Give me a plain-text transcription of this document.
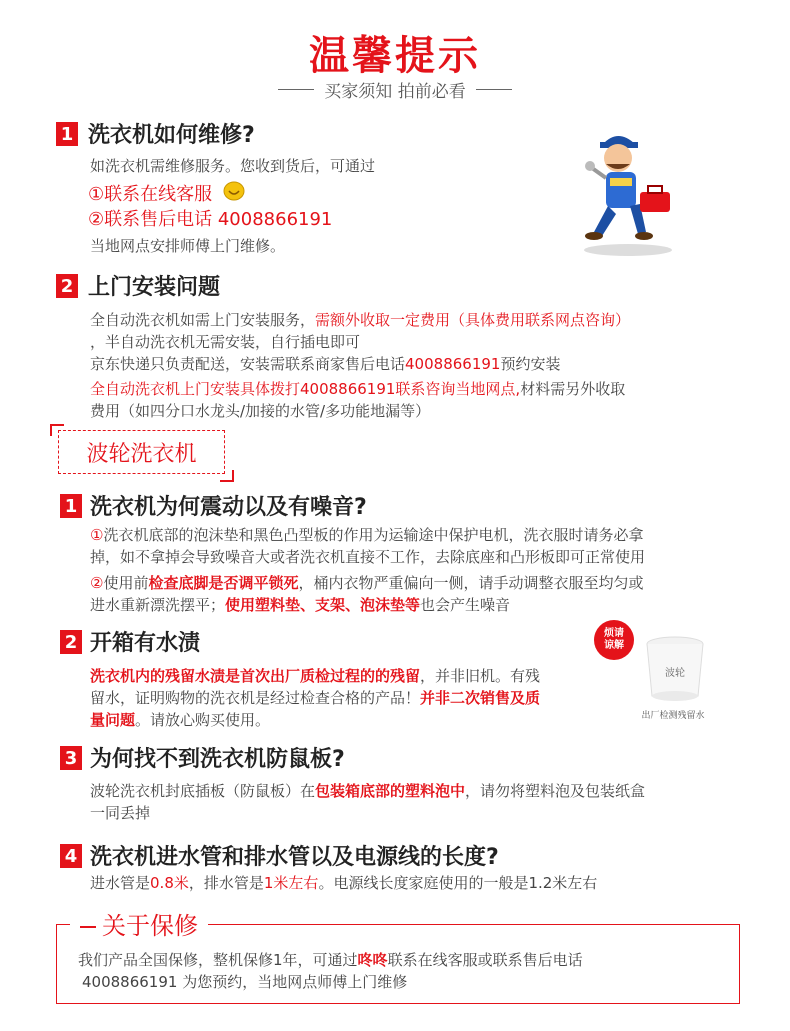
温馨提示
买家须知 拍前必看
1 洗衣机如何维修?
如洗衣机需维修服务。您收到货后，可通过
①联系在线客服
②联系售后电话 4008866191
当地网点安排师傅上门维修。
2 上门安装问题
全自动洗衣机如需上门安装服务，需额外收取一定费用（具体费用联系网点咨询）
，半自动洗衣机无需安装，自行插电即可
京东快递只负责配送，安装需联系商家售后电话4008866191预约安装
全自动洗衣机上门安装具体拨打4008866191联系咨询当地网点,材料需另外收取
费用（如四分口水龙头/加接的水管/多功能地漏等）
波轮洗衣机
1 洗衣机为何震动以及有噪音?
①洗衣机底部的泡沫垫和黑色凸型板的作用为运输途中保护电机，洗衣服时请务必拿
掉，如不拿掉会导致噪音大或者洗衣机直接不工作，去除底座和凸形板即可正常使用
②使用前检查底脚是否调平锁死，桶内衣物严重偏向一侧，请手动调整衣服至均匀或
进水重新漂洗摆平；使用塑料垫、支架、泡沫垫等也会产生噪音
2 开箱有水渍
洗衣机内的残留水渍是首次出厂质检过程的的残留，并非旧机。有残
留水，证明购物的洗衣机是经过检查合格的产品！并非二次销售及质
量问题。请放心购买使用。
烦请谅解
波轮
出厂检测残留水
3 为何找不到洗衣机防鼠板?
波轮洗衣机封底插板（防鼠板）在包装箱底部的塑料泡中，请勿将塑料泡及包装纸盒
一同丢掉
4 洗衣机进水管和排水管以及电源线的长度?
进水管是0.8米，排水管是1米左右。电源线长度家庭使用的一般是1.2米左右
关于保修
我们产品全国保修，整机保修1年，可通过咚咚联系在线客服或联系售后电话
4008866191 为您预约，当地网点师傅上门维修
